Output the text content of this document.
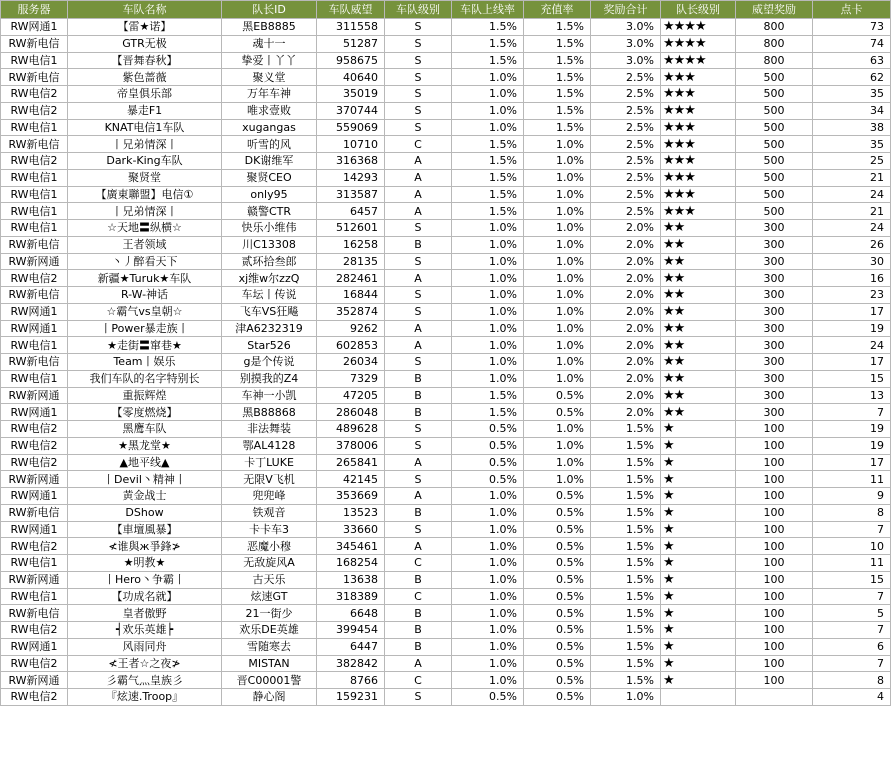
服务器	车队名称	队长ID	车队威望	车队级别	车队上线率	充值率	奖励合计	队长级别	威望奖励	点卡
RW网通1	【雷★诺】	黑EB8885	311558	S	1.5%	1.5%	3.0%	★★★★	800	73
RW新电信	GTR无极	魂十一	51287	S	1.5%	1.5%	3.0%	★★★★	800	74
RW电信1	【晋舞春秋】	挚爱丨丫丫	958675	S	1.5%	1.5%	3.0%	★★★★	800	63
RW新电信	紫色蔷薇	聚义堂	40640	S	1.0%	1.5%	2.5%	★★★	500	62
RW电信2	帝皇俱乐部	万年车神	35019	S	1.0%	1.5%	2.5%	★★★	500	35
RW电信2	暴走F1	唯求壹败	370744	S	1.0%	1.5%	2.5%	★★★	500	34
RW电信1	KNAT电信1车队	xugangas	559069	S	1.0%	1.5%	2.5%	★★★	500	38
RW新电信	丨兄弟情深丨	听雪的风	10710	C	1.5%	1.0%	2.5%	★★★	500	35
RW电信2	Dark-King车队	DK谢维军	316368	A	1.5%	1.0%	2.5%	★★★	500	25
RW电信1	聚贤堂	聚贤CEO	14293	A	1.5%	1.0%	2.5%	★★★	500	21
RW电信1	【廣東聯盟】电信①	only95	313587	A	1.5%	1.0%	2.5%	★★★	500	24
RW电信1	丨兄弟情深丨	赣警CTR	6457	A	1.5%	1.0%	2.5%	★★★	500	21
RW电信1	☆天地〓纵横☆	快乐小维伟	512601	S	1.0%	1.0%	2.0%	★★	300	24
RW新电信	王者领域	川C13308	16258	B	1.0%	1.0%	2.0%	★★	300	26
RW新网通	丶丿醉看天下	贰环拾叁郎	28135	S	1.0%	1.0%	2.0%	★★	300	30
RW电信2	新疆★Turuk★车队	xj维w尔zzQ	282461	A	1.0%	1.0%	2.0%	★★	300	16
RW新电信	R-W-神话	车坛丨传说	16844	S	1.0%	1.0%	2.0%	★★	300	23
RW网通1	☆霸气vs皇朝☆	飞车VS狂飚	352874	S	1.0%	1.0%	2.0%	★★	300	17
RW网通1	丨Power暴走族丨	津A6232319	9262	A	1.0%	1.0%	2.0%	★★	300	19
RW电信1	★走街〓窜巷★	Star526	602853	A	1.0%	1.0%	2.0%	★★	300	24
RW新电信	Team丨娱乐	g是个传说	26034	S	1.0%	1.0%	2.0%	★★	300	17
RW电信1	我们车队的名字特别长	别摸我的Z4	7329	B	1.0%	1.0%	2.0%	★★	300	15
RW新网通	重振辉煌	车神一小凯	47205	B	1.5%	0.5%	2.0%	★★	300	13
RW网通1	【零度燃烧】	黑B88868	286048	B	1.5%	0.5%	2.0%	★★	300	7
RW电信2	黑鹰车队	非法舞装	489628	S	0.5%	1.0%	1.5%	★	100	19
RW电信2	★黑龙堂★	鄂AL4128	378006	S	0.5%	1.0%	1.5%	★	100	19
RW电信2	▲地平线▲	卡丁LUKE	265841	A	0.5%	1.0%	1.5%	★	100	17
RW新网通	丨Devil丶精神丨	无限V飞机	42145	S	0.5%	1.0%	1.5%	★	100	11
RW网通1	黄金战士	兜兜峰	353669	A	1.0%	0.5%	1.5%	★	100	9
RW新电信	DShow	铁观音	13523	B	1.0%	0.5%	1.5%	★	100	8
RW网通1	【車壇風暴】	卡卡车3	33660	S	1.0%	0.5%	1.5%	★	100	7
RW电信2	≮谁與ж爭鋒≯	恶魔小穆	345461	A	1.0%	0.5%	1.5%	★	100	10
RW电信1	★明教★	无敌旋风A	168254	C	1.0%	0.5%	1.5%	★	100	11
RW新网通	丨Hero丶争霸丨	古天乐	13638	B	1.0%	0.5%	1.5%	★	100	15
RW电信1	【功成名就】	炫速GT	318389	C	1.0%	0.5%	1.5%	★	100	7
RW新电信	皇者傲野	21一街少	6648	B	1.0%	0.5%	1.5%	★	100	5
RW电信2	┥欢乐英雄┝	欢乐DE英雄	399454	B	1.0%	0.5%	1.5%	★	100	7
RW网通1	风雨同舟	雪随寒去	6447	B	1.0%	0.5%	1.5%	★	100	6
RW电信2	≮王者☆之夜≯	MISTAN	382842	A	1.0%	0.5%	1.5%	★	100	7
RW新网通	彡霸气灬皇族彡	晋C00001警	8766	C	1.0%	0.5%	1.5%	★	100	8
RW电信2	『炫速.Troop』	静心阁	159231	S	0.5%	0.5%	1.0%			4
